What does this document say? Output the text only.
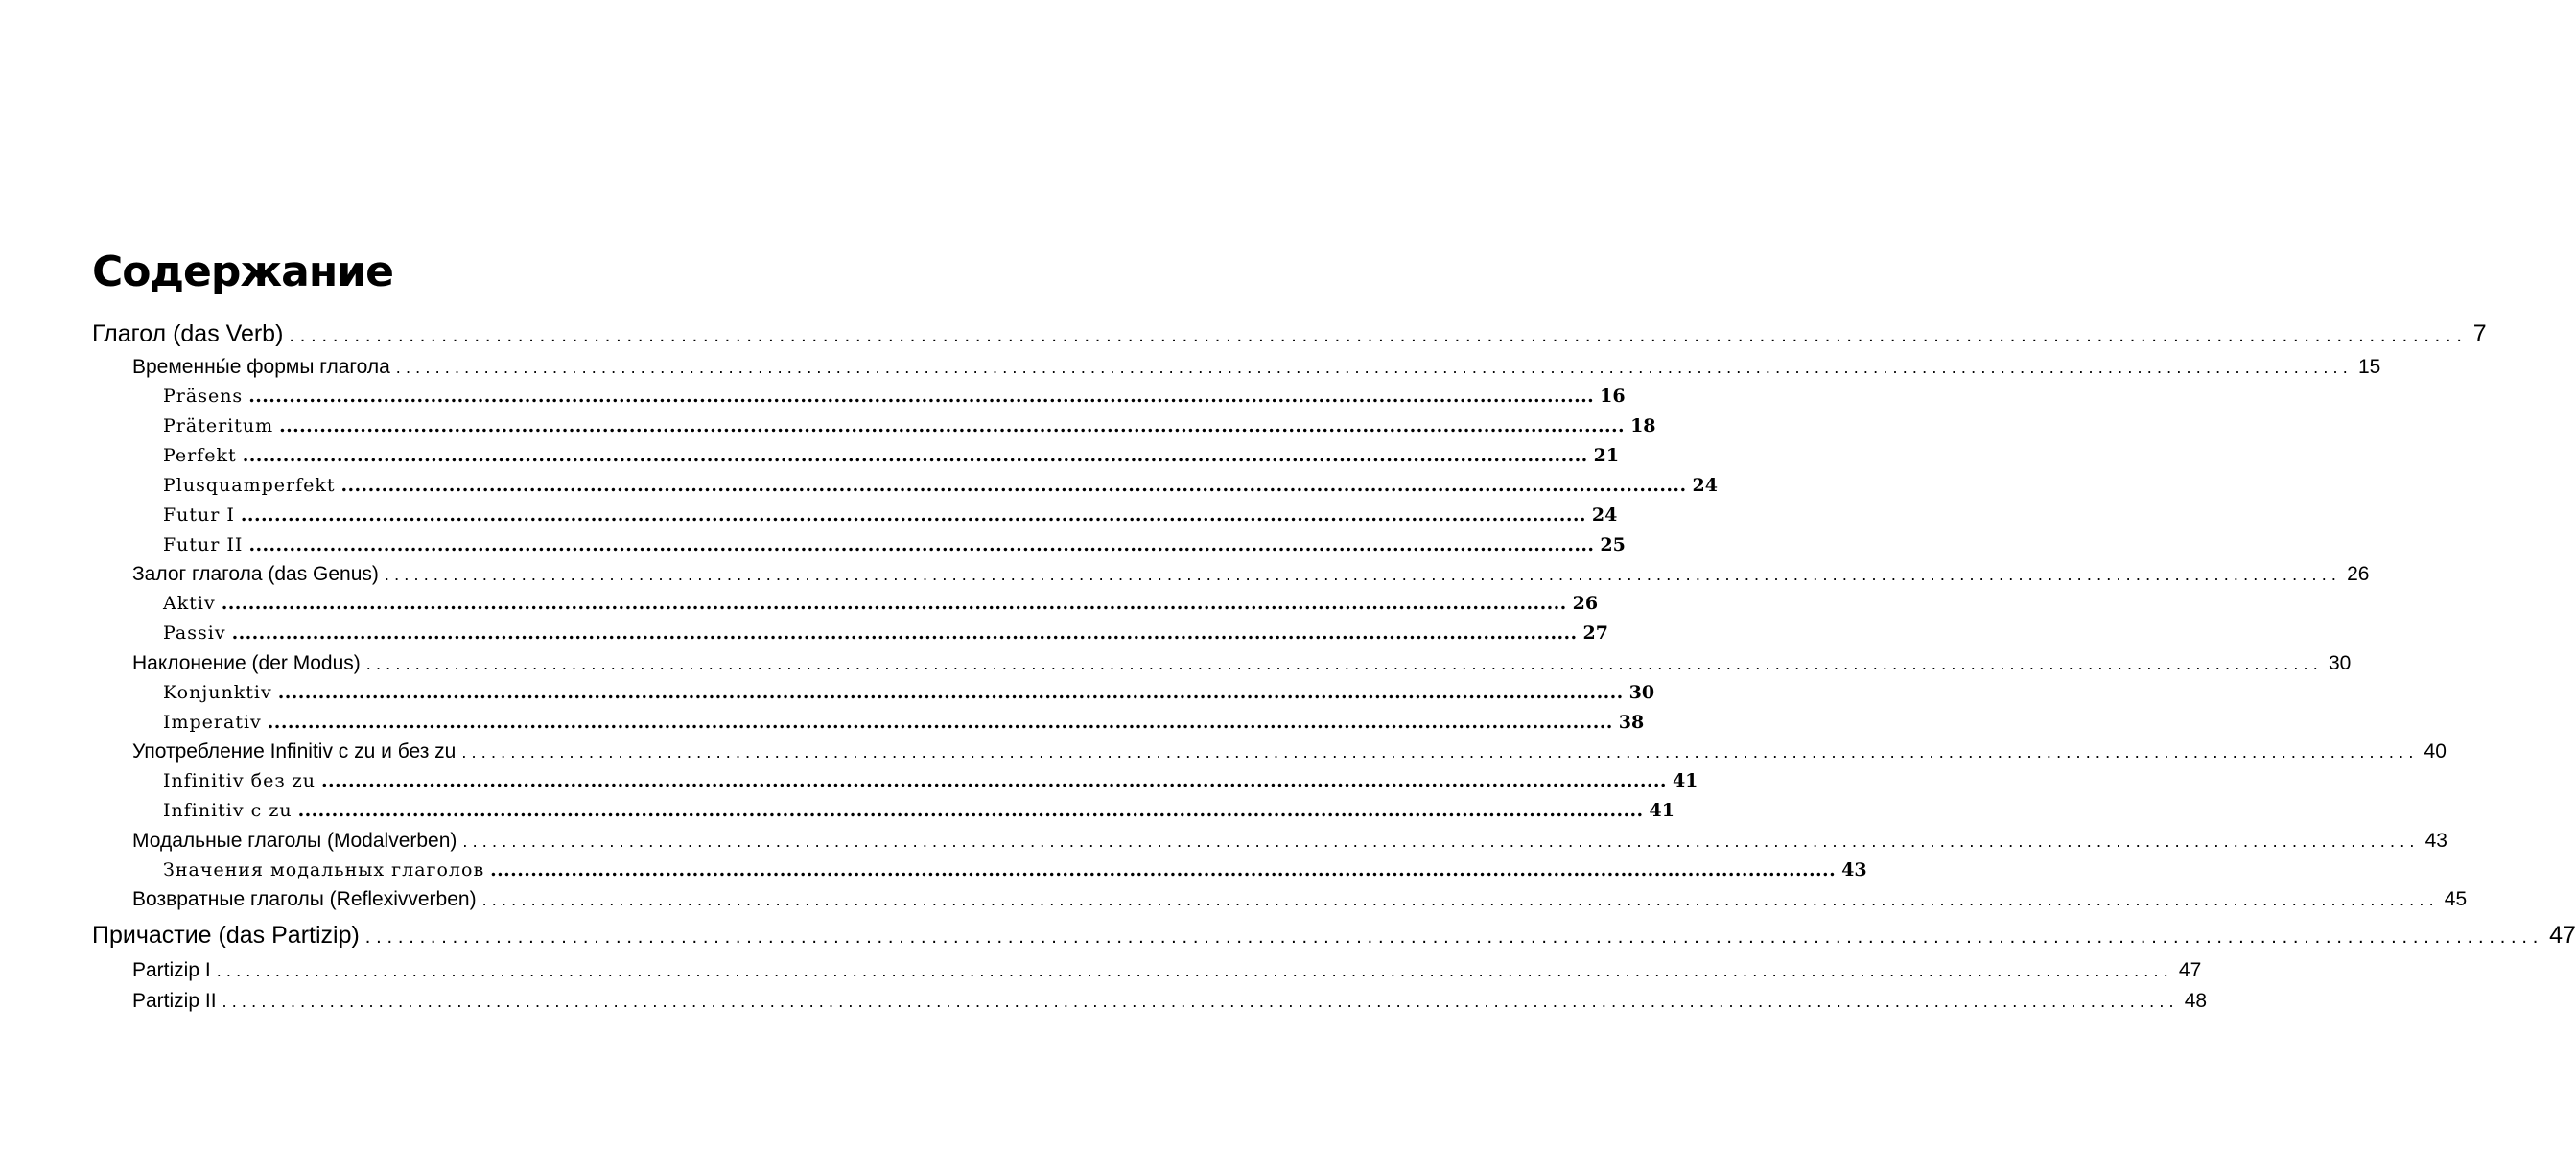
Содержание
Глагол (das Verb) ........................................................................................................................................................................................................ 7
Временны́е формы глагола ........................................................................................................................................................................................................ 15
Präsens ........................................................................................................................................................................................................ 16
Präteritum ........................................................................................................................................................................................................ 18
Perfekt ........................................................................................................................................................................................................ 21
Plusquamperfekt ........................................................................................................................................................................................................ 24
Futur I ........................................................................................................................................................................................................ 24
Futur II ........................................................................................................................................................................................................ 25
Залог глагола (das Genus) ........................................................................................................................................................................................................ 26
Aktiv ........................................................................................................................................................................................................ 26
Passiv ........................................................................................................................................................................................................ 27
Наклонение (der Modus) ........................................................................................................................................................................................................ 30
Konjunktiv ........................................................................................................................................................................................................ 30
Imperativ ........................................................................................................................................................................................................ 38
Употребление Infinitiv с zu и без zu ........................................................................................................................................................................................................ 40
Infinitiv без zu ........................................................................................................................................................................................................ 41
Infinitiv с zu ........................................................................................................................................................................................................ 41
Модальные глаголы (Modalverben) ........................................................................................................................................................................................................ 43
Значения модальных глаголов ........................................................................................................................................................................................................ 43
Возвратные глаголы (Reflexivverben) ........................................................................................................................................................................................................ 45
Причастие (das Partizip) ........................................................................................................................................................................................................ 47
Partizip I ........................................................................................................................................................................................................ 47
Partizip II ........................................................................................................................................................................................................ 48
